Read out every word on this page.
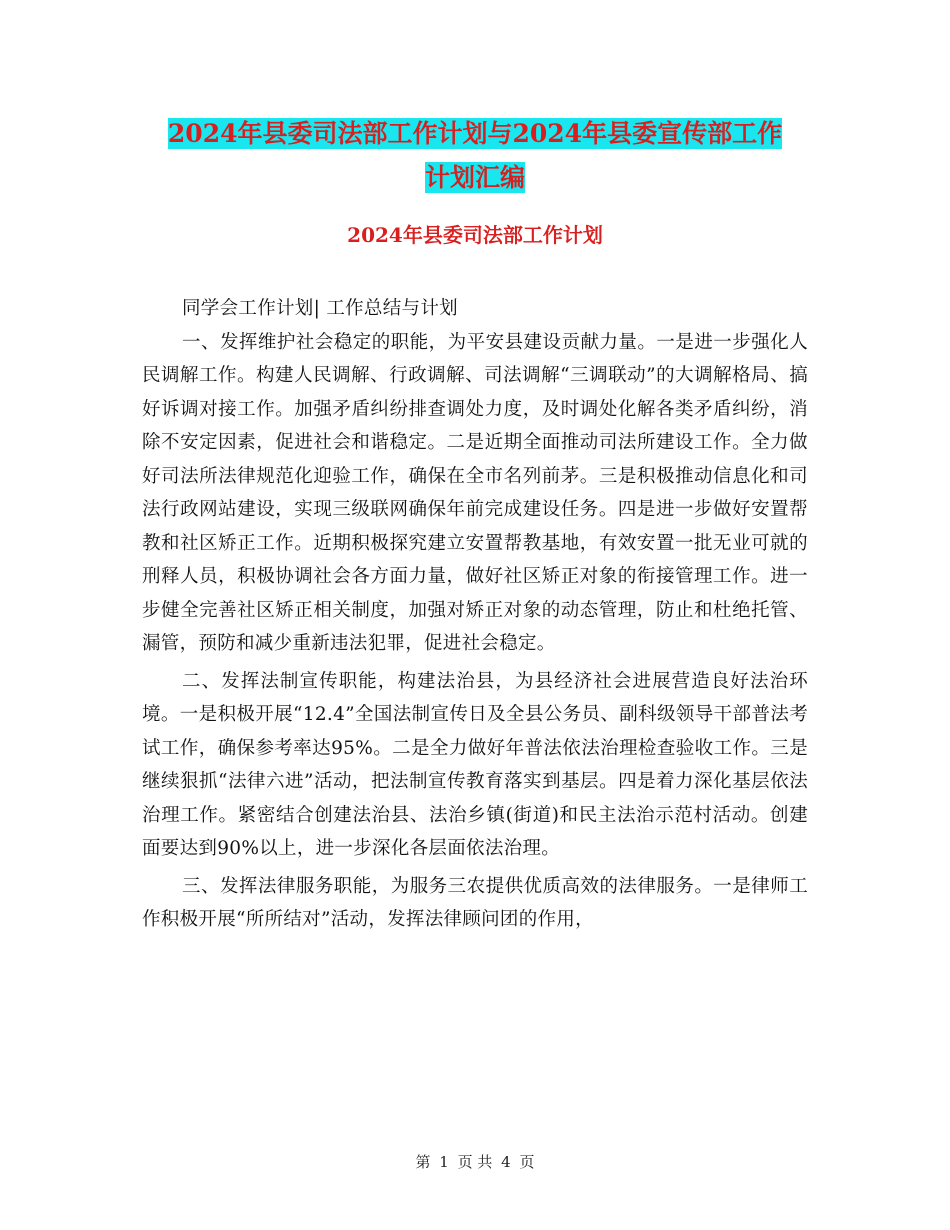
2024年县委司法部工作计划与2024年县委宣传部工作
计划汇编
2024年县委司法部工作计划

同学会工作计划| 工作总结与计划

一、发挥维护社会稳定的职能，为平安县建设贡献力量。一是进一步强化人民调解工作。构建人民调解、行政调解、司法调解“三调联动”的大调解格局、搞好诉调对接工作。加强矛盾纠纷排查调处力度，及时调处化解各类矛盾纠纷，消除不安定因素，促进社会和谐稳定。二是近期全面推动司法所建设工作。全力做好司法所法律规范化迎验工作，确保在全市名列前茅。三是积极推动信息化和司法行政网站建设，实现三级联网确保年前完成建设任务。四是进一步做好安置帮教和社区矫正工作。近期积极探究建立安置帮教基地，有效安置一批无业可就的刑释人员，积极协调社会各方面力量，做好社区矫正对象的衔接管理工作。进一步健全完善社区矫正相关制度，加强对矫正对象的动态管理，防止和杜绝托管、漏管，预防和减少重新违法犯罪，促进社会稳定。

二、发挥法制宣传职能，构建法治县，为县经济社会进展营造良好法治环境。一是积极开展“12.4”全国法制宣传日及全县公务员、副科级领导干部普法考试工作，确保参考率达95%。二是全力做好年普法依法治理检查验收工作。三是继续狠抓“法律六进”活动，把法制宣传教育落实到基层。四是着力深化基层依法治理工作。紧密结合创建法治县、法治乡镇(街道)和民主法治示范村活动。创建面要达到90%以上，进一步深化各层面依法治理。

三、发挥法律服务职能，为服务三农提供优质高效的法律服务。一是律师工作积极开展“所所结对”活动，发挥法律顾问团的作用，

第 1 页 共 4 页
